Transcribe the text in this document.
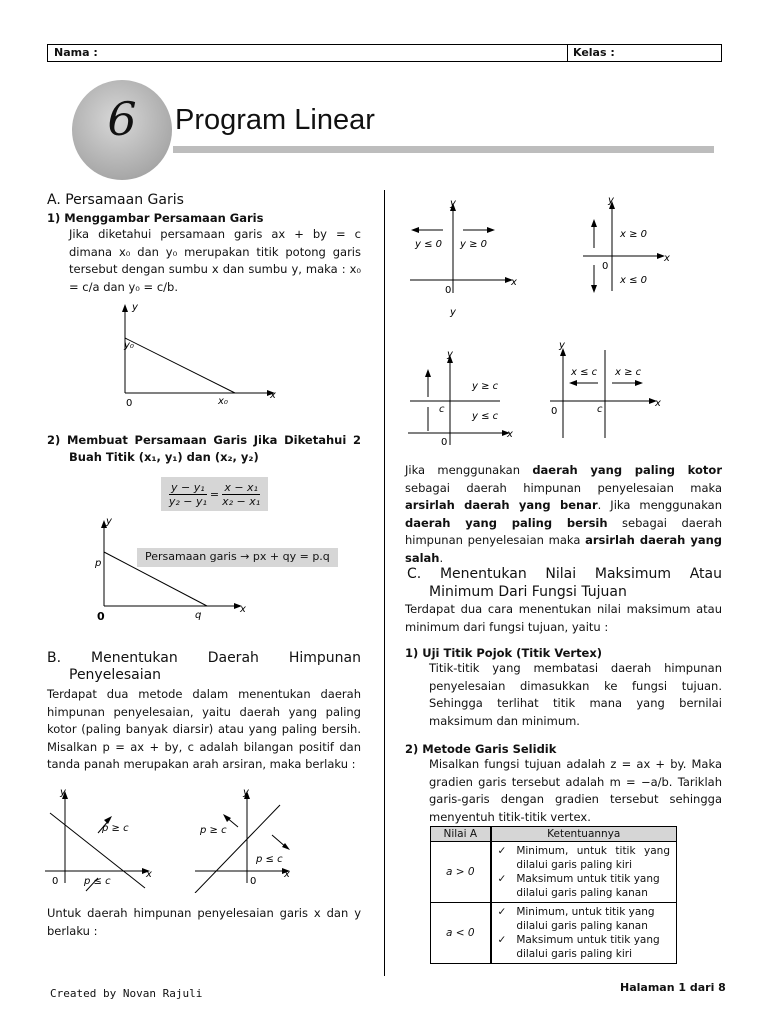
Nama :	Kelas :
6	Program Linear
A. Persamaan Garis
1) Menggambar Persamaan Garis
Jika diketahui persamaan garis ax + by = c dimana x₀ dan y₀ merupakan titik potong garis tersebut dengan sumbu x dan sumbu y, maka : x₀ = c/a dan y₀ = c/b.
x
y
0	x₀
y₀
2) Membuat Persamaan Garis Jika Diketahui 2 Buah Titik (x₁, y₁) dan (x₂, y₂)
$\frac{\text{y − y₁}}{\text{y₂ − y₁}} = \frac{\text{x − x₁}}{\text{x₂ − x₁}}$
x
y
0	q
p
Persamaan garis → px + qy = p.q
B. Menentukan Daerah Himpunan Penyelesaian
Terdapat dua metode dalam menentukan daerah himpunan penyelesaian, yaitu daerah yang paling kotor (paling banyak diarsir) atau yang paling bersih. Misalkan p = ax + by, c adalah bilangan positif dan tanda panah merupakan arah arsiran, maka berlaku :
x
y
0
p ≥ c
p ≤ c
x
y
0
p ≥ c
p ≤ c
Untuk daerah himpunan penyelesaian garis x dan y berlaku :
x
y
y
0
y ≤ 0 y ≥ 0
x
y
0
x ≥ 0
x ≤ 0
x
y
0
c
y ≥ c
y ≤ c
x
y
0	c
x ≤ c x ≥ c
Jika menggunakan daerah yang paling kotor sebagai daerah himpunan penyelesaian maka arsirlah daerah yang benar. Jika menggunakan daerah yang paling bersih sebagai daerah himpunan penyelesaian maka arsirlah daerah yang salah.
C. Menentukan Nilai Maksimum Atau Minimum Dari Fungsi Tujuan
Terdapat dua cara menentukan nilai maksimum atau minimum dari fungsi tujuan, yaitu :
1) Uji Titik Pojok (Titik Vertex)
Titik-titik yang membatasi daerah himpunan penyelesaian dimasukkan ke fungsi tujuan. Sehingga terlihat titik mana yang bernilai maksimum dan minimum.
2) Metode Garis Selidik
Misalkan fungsi tujuan adalah z = ax + by. Maka gradien garis tersebut adalah m = −a/b. Tariklah garis-garis dengan gradien tersebut sehingga menyentuh titik-titik vertex.
Nilai A	Ketentuannya
a > 0	✓ Minimum, untuk titik yang dilalui garis paling kiri
✓ Maksimum untuk titik yang dilalui garis paling kanan

a < 0	✓ Minimum, untuk titik yang dilalui garis paling kanan
✓ Maksimum untuk titik yang dilalui garis paling kiri
Created by Novan Rajuli	Halaman 1 dari 8
